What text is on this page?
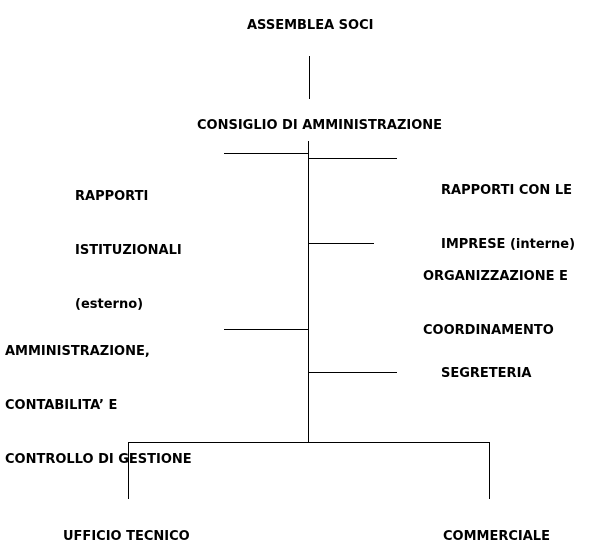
ASSEMBLEA SOCI
CONSIGLIO DI AMMINISTRAZIONE

RAPPORTI

ISTITUZIONALI

(esterno)

RAPPORTI CON LE

IMPRESE (interne)

ORGANIZZAZIONE E

COORDINAMENTO

AMMINISTRAZIONE,

CONTABILITA’ E

CONTROLLO DI GESTIONE

SEGRETERIA
UFFICIO TECNICO	COMMERCIALE
